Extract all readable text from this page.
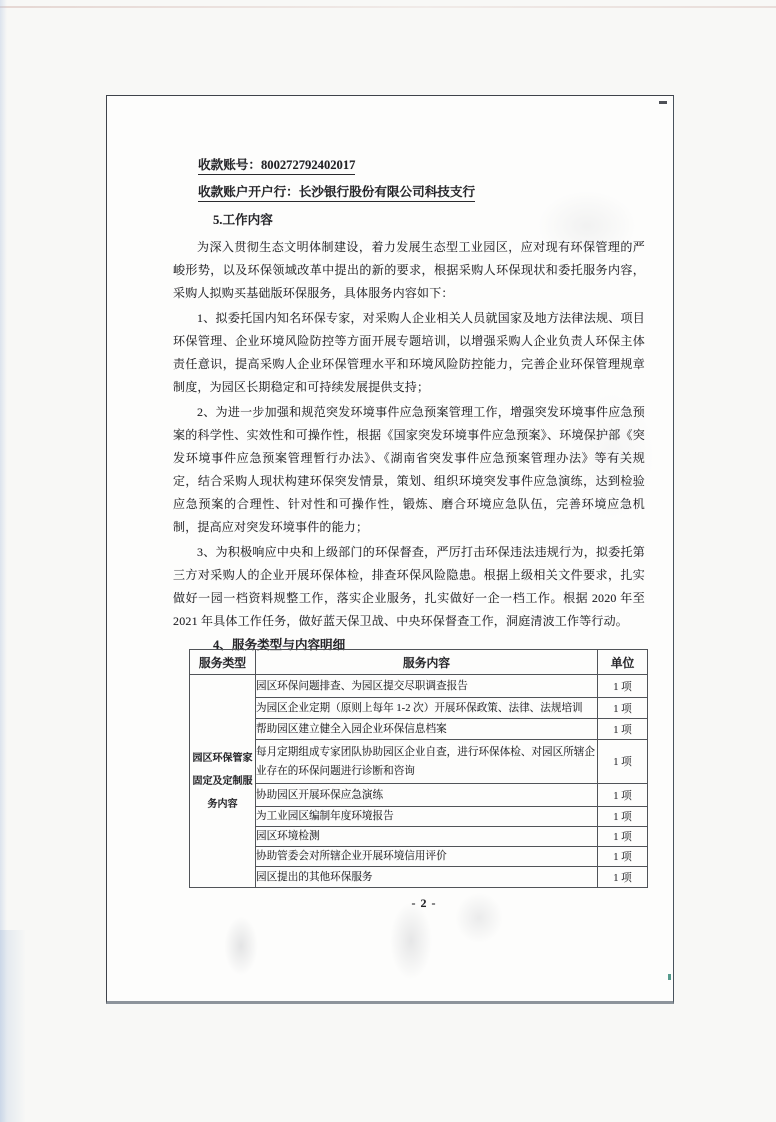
收款账号：800272792402017

收款账户开户行：长沙银行股份有限公司科技支行

5.工作内容

为深入贯彻生态文明体制建设，着力发展生态型工业园区，应对现有环保管理的严峻形势，以及环保领域改革中提出的新的要求，根据采购人环保现状和委托服务内容，采购人拟购买基础版环保服务，具体服务内容如下：

1、拟委托国内知名环保专家，对采购人企业相关人员就国家及地方法律法规、项目环保管理、企业环境风险防控等方面开展专题培训，以增强采购人企业负责人环保主体责任意识，提高采购人企业环保管理水平和环境风险防控能力，完善企业环保管理规章制度，为园区长期稳定和可持续发展提供支持；

2、为进一步加强和规范突发环境事件应急预案管理工作，增强突发环境事件应急预案的科学性、实效性和可操作性，根据《国家突发环境事件应急预案》、环境保护部《突发环境事件应急预案管理暂行办法》、《湖南省突发事件应急预案管理办法》等有关规定，结合采购人现状构建环保突发情景，策划、组织环境突发事件应急演练，达到检验应急预案的合理性、针对性和可操作性，锻炼、磨合环境应急队伍，完善环境应急机制，提高应对突发环境事件的能力；

3、为积极响应中央和上级部门的环保督查，严厉打击环保违法违规行为，拟委托第三方对采购人的企业开展环保体检，排查环保风险隐患。根据上级相关文件要求，扎实做好一园一档资料规整工作，落实企业服务，扎实做好一企一档工作。根据 2020 年至 2021 年具体工作任务，做好蓝天保卫战、中央环保督查工作，洞庭清波工作等行动。

4、服务类型与内容明细
服务类型	服务内容	单位
园区环保管家固定及定制服务内容	园区环保问题排查、为园区提交尽职调查报告	1 项
	为园区企业定期（原则上每年 1-2 次）开展环保政策、法律、法规培训	1 项
	帮助园区建立健全入园企业环保信息档案	1 项
	每月定期组成专家团队协助园区企业自查，进行环保体检、对园区所辖企业存在的环保问题进行诊断和咨询	1 项
	协助园区开展环保应急演练	1 项
	为工业园区编制年度环境报告	1 项
	园区环境检测	1 项
	协助管委会对所辖企业开展环境信用评价	1 项
	园区提出的其他环保服务	1 项
- 2 -
